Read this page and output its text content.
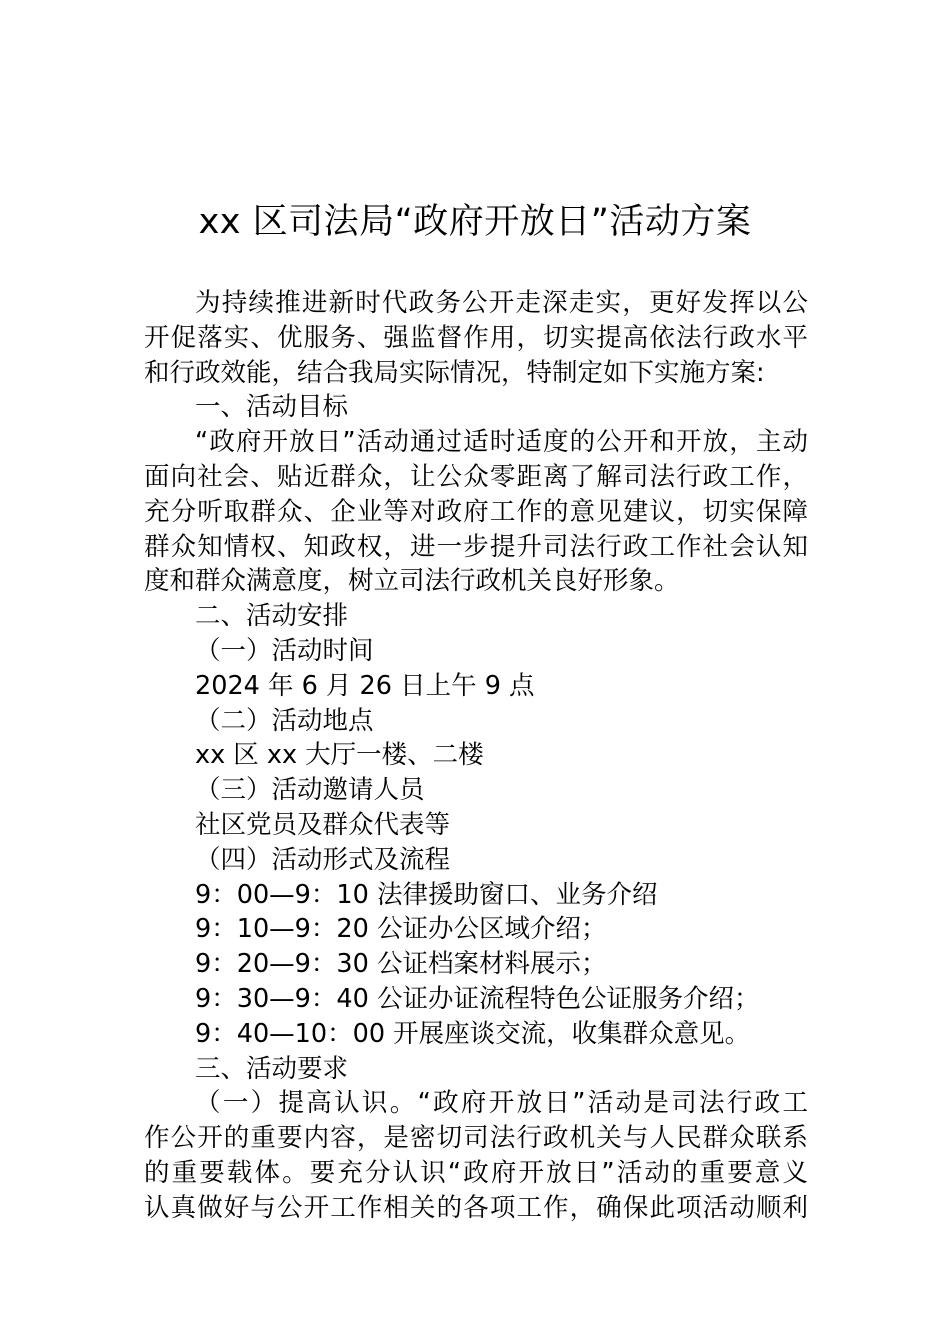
xx 区司法局“政府开放日”活动方案
为持续推进新时代政务公开走深走实，更好发挥以公
开促落实、优服务、强监督作用，切实提高依法行政水平
和行政效能，结合我局实际情况，特制定如下实施方案:
一、活动目标
“政府开放日”活动通过适时适度的公开和开放，主动
面向社会、贴近群众，让公众零距离了解司法行政工作，
充分听取群众、企业等对政府工作的意见建议，切实保障
群众知情权、知政权，进一步提升司法行政工作社会认知
度和群众满意度，树立司法行政机关良好形象。
二、活动安排
（一）活动时间
2024 年 6 月 26 日上午 9 点
（二）活动地点
xx 区 xx 大厅一楼、二楼
（三）活动邀请人员
社区党员及群众代表等
（四）活动形式及流程
9：00—9：10 法律援助窗口、业务介绍
9：10—9：20 公证办公区域介绍；
9：20—9：30 公证档案材料展示；
9：30—9：40 公证办证流程特色公证服务介绍；
9：40—10：00 开展座谈交流，收集群众意见。
三、活动要求
（一）提高认识。“政府开放日”活动是司法行政工
作公开的重要内容，是密切司法行政机关与人民群众联系
的重要载体。要充分认识“政府开放日”活动的重要意义
认真做好与公开工作相关的各项工作，确保此项活动顺利
